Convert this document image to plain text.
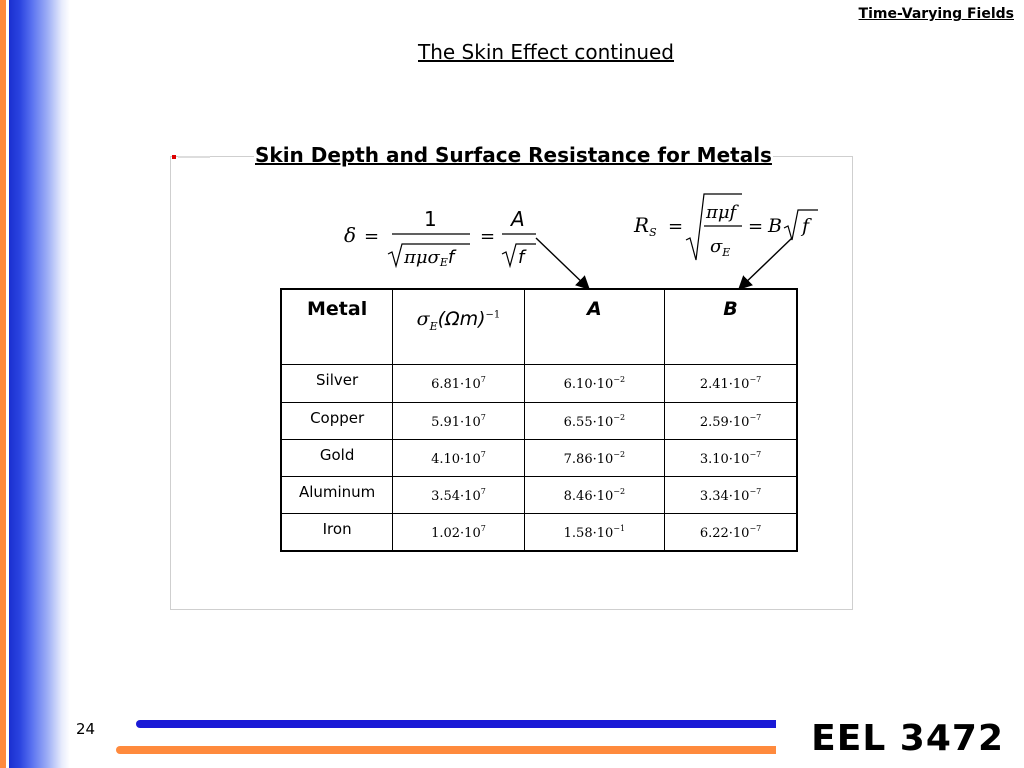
Time-Varying Fields
The Skin Effect continued
Skin Depth and Surface Resistance for Metals
δ =
1
πμσEf
=
A
f
$R_S$ =
πμf
$\sigma_E$
= B f
Metal	$\sigma_E(\Omega m)^{-1}$	A	B
Silver	$6.81\cdot 10^7$	$6.10\cdot 10^{-2}$	$2.41\cdot 10^{-7}$
Copper	$5.91\cdot 10^7$	$6.55\cdot 10^{-2}$	$2.59\cdot 10^{-7}$
Gold	$4.10\cdot 10^7$	$7.86\cdot 10^{-2}$	$3.10\cdot 10^{-7}$
Aluminum	$3.54\cdot 10^7$	$8.46\cdot 10^{-2}$	$3.34\cdot 10^{-7}$
Iron	$1.02\cdot 10^7$	$1.58\cdot 10^{-1}$	$6.22\cdot 10^{-7}$
24	EEL 3472
